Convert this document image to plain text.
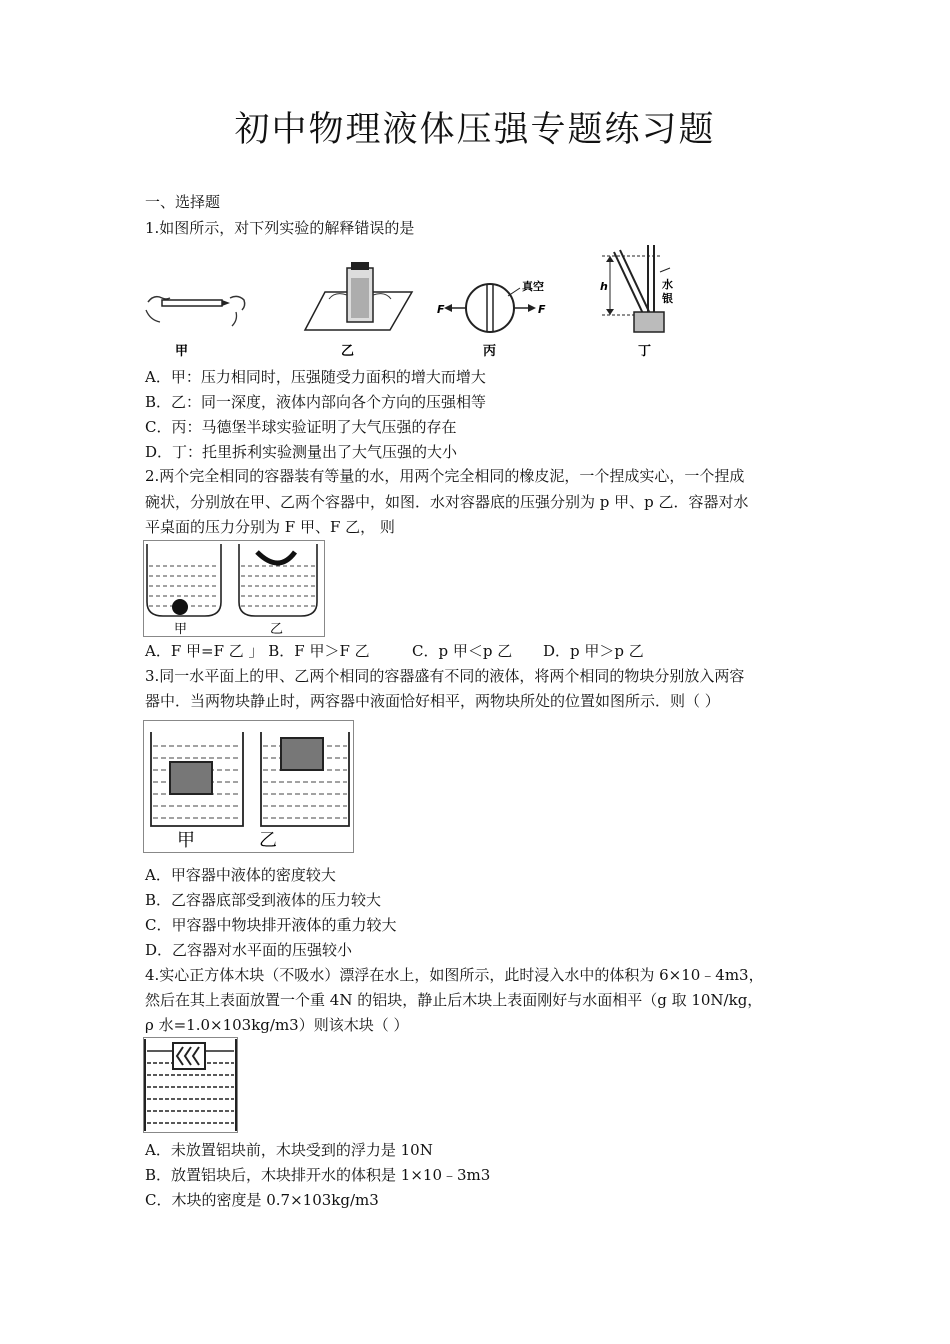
初中物理液体压强专题练习题
一、选择题
1.如图所示，对下列实验的解释错误的是
甲	乙
F	F
真空
丙
h	水
银
丁
A．甲：压力相同时，压强随受力面积的增大而增大
B．乙：同一深度，液体内部向各个方向的压强相等
C．丙：马德堡半球实验证明了大气压强的存在
D．丁：托里拆利实验测量出了大气压强的大小
2.两个完全相同的容器装有等量的水，用两个完全相同的橡皮泥，一个捏成实心，一个捏成
碗状，分别放在甲、乙两个容器中，如图．水对容器底的压强分别为 p 甲、p 乙．容器对水
平桌面的压力分别为 F 甲、F 乙， 则
甲	乙
A．F 甲=F 乙 」 B．F 甲＞F 乙	C．p 甲＜p 乙 D．p 甲＞p 乙
3.同一水平面上的甲、乙两个相同的容器盛有不同的液体，将两个相同的物块分别放入两容
器中．当两物块静止时，两容器中液面恰好相平，两物块所处的位置如图所示．则（ ）
甲	乙
A．甲容器中液体的密度较大
B．乙容器底部受到液体的压力较大
C．甲容器中物块排开液体的重力较大
D．乙容器对水平面的压强较小
4.实心正方体木块（不吸水）漂浮在水上，如图所示，此时浸入水中的体积为 6×10﹣4m3，
然后在其上表面放置一个重 4N 的铝块，静止后木块上表面刚好与水面相平（g 取 10N/kg，
ρ 水=1.0×103kg/m3）则该木块（ ）
A．未放置铝块前，木块受到的浮力是 10N
B．放置铝块后，木块排开水的体积是 1×10﹣3m3
C．木块的密度是 0.7×103kg/m3
